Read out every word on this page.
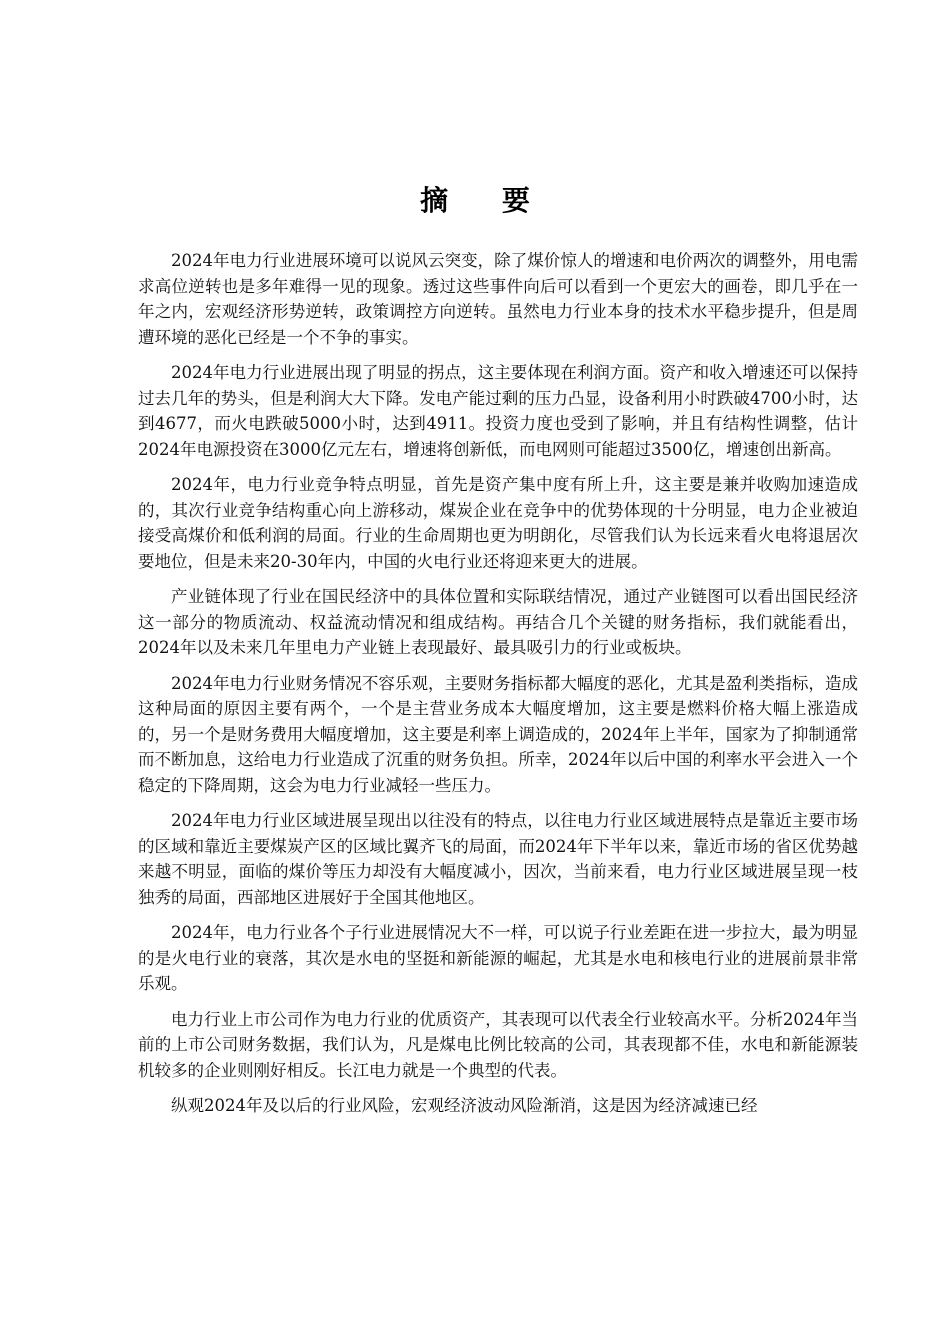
摘 要

2024年电力行业进展环境可以说风云突变，除了煤价惊人的增速和电价两次的调整外，用电需求高位逆转也是多年难得一见的现象。透过这些事件向后可以看到一个更宏大的画卷，即几乎在一年之内，宏观经济形势逆转，政策调控方向逆转。虽然电力行业本身的技术水平稳步提升，但是周遭环境的恶化已经是一个不争的事实。

2024年电力行业进展出现了明显的拐点，这主要体现在利润方面。资产和收入增速还可以保持过去几年的势头，但是利润大大下降。发电产能过剩的压力凸显，设备利用小时跌破4700小时，达到4677，而火电跌破5000小时，达到4911。投资力度也受到了影响，并且有结构性调整，估计2024年电源投资在3000亿元左右，增速将创新低，而电网则可能超过3500亿，增速创出新高。

2024年，电力行业竞争特点明显，首先是资产集中度有所上升，这主要是兼并收购加速造成的，其次行业竞争结构重心向上游移动，煤炭企业在竞争中的优势体现的十分明显，电力企业被迫接受高煤价和低利润的局面。行业的生命周期也更为明朗化，尽管我们认为长远来看火电将退居次要地位，但是未来20-30年内，中国的火电行业还将迎来更大的进展。

产业链体现了行业在国民经济中的具体位置和实际联结情况，通过产业链图可以看出国民经济这一部分的物质流动、权益流动情况和组成结构。再结合几个关键的财务指标，我们就能看出，2024年以及未来几年里电力产业链上表现最好、最具吸引力的行业或板块。

2024年电力行业财务情况不容乐观，主要财务指标都大幅度的恶化，尤其是盈利类指标，造成这种局面的原因主要有两个，一个是主营业务成本大幅度增加，这主要是燃料价格大幅上涨造成的，另一个是财务费用大幅度增加，这主要是利率上调造成的，2024年上半年，国家为了抑制通常而不断加息，这给电力行业造成了沉重的财务负担。所幸，2024年以后中国的利率水平会进入一个稳定的下降周期，这会为电力行业减轻一些压力。

2024年电力行业区域进展呈现出以往没有的特点，以往电力行业区域进展特点是靠近主要市场的区域和靠近主要煤炭产区的区域比翼齐飞的局面，而2024年下半年以来，靠近市场的省区优势越来越不明显，面临的煤价等压力却没有大幅度减小，因次，当前来看，电力行业区域进展呈现一枝独秀的局面，西部地区进展好于全国其他地区。

2024年，电力行业各个子行业进展情况大不一样，可以说子行业差距在进一步拉大，最为明显的是火电行业的衰落，其次是水电的坚挺和新能源的崛起，尤其是水电和核电行业的进展前景非常乐观。

电力行业上市公司作为电力行业的优质资产，其表现可以代表全行业较高水平。分析2024年当前的上市公司财务数据，我们认为，凡是煤电比例比较高的公司，其表现都不佳，水电和新能源装机较多的企业则刚好相反。长江电力就是一个典型的代表。

纵观2024年及以后的行业风险，宏观经济波动风险渐消，这是因为经济减速已经
